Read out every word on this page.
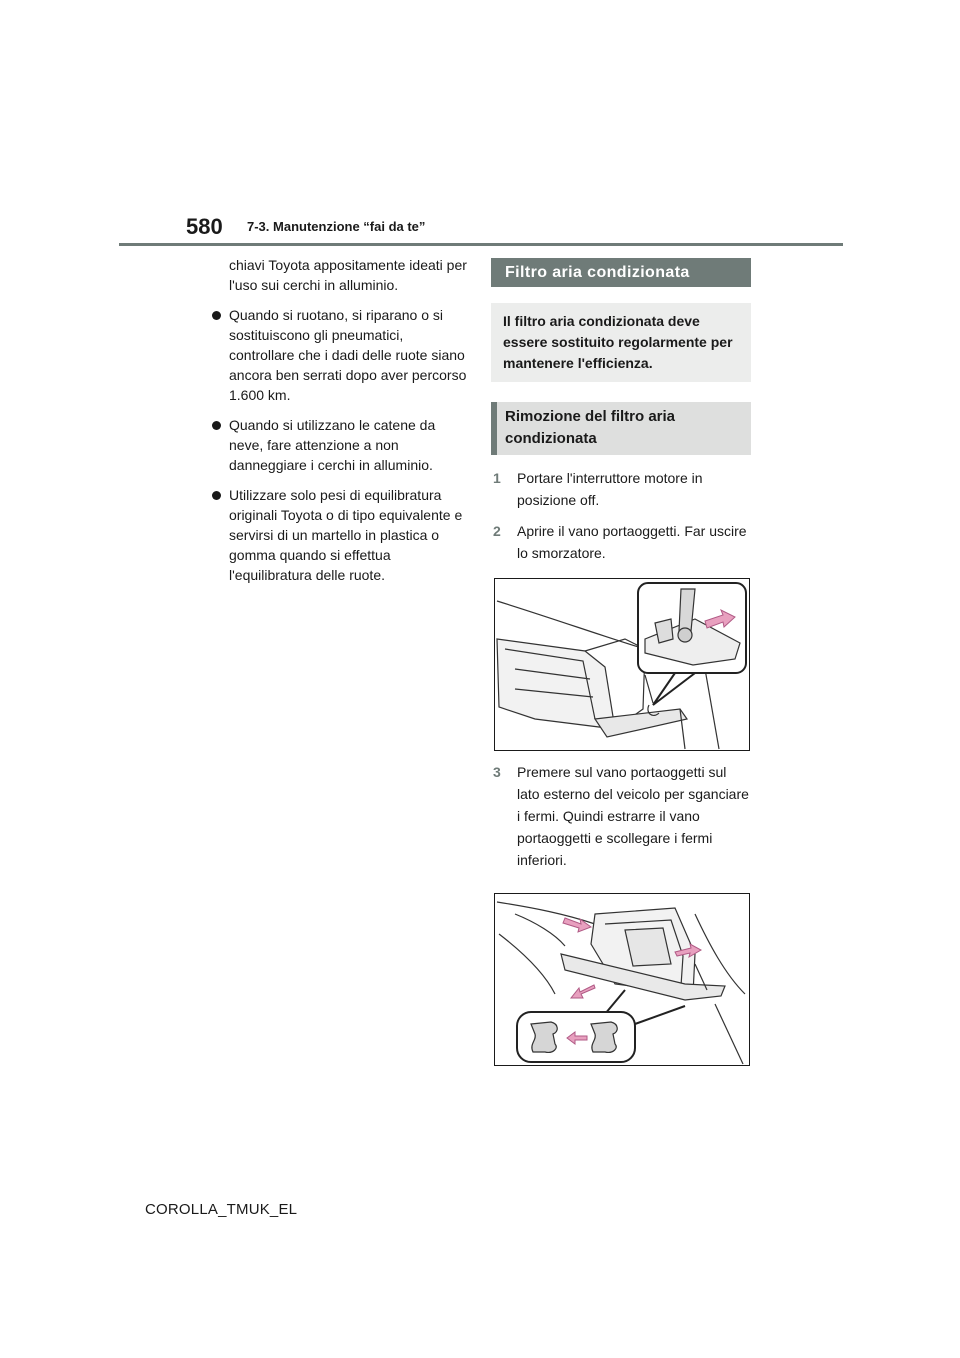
580 7-3. Manutenzione “fai da te”

chiavi Toyota appositamente ideati per l'uso sui cerchi in alluminio.

Quando si ruotano, si riparano o si sostituiscono gli pneumatici, controllare che i dadi delle ruote siano ancora ben serrati dopo aver percorso 1.600 km.
Quando si utilizzano le catene da neve, fare attenzione a non danneggiare i cerchi in alluminio.
Utilizzare solo pesi di equilibratura originali Toyota o di tipo equivalente e servirsi di un martello in plastica o gomma quando si effettua l'equilibratura delle ruote.
Filtro aria condizionata

Il filtro aria condizionata deve essere sostituito regolarmente per mantenere l'efficienza.

Rimozione del filtro aria condizionata
1 Portare l'interruttore motore in posizione off.
2 Aprire il vano portaoggetti. Far uscire lo smorzatore.
3 Premere sul vano portaoggetti sul lato esterno del veicolo per sganciare i fermi. Quindi estrarre il vano portaoggetti e scollegare i fermi inferiori.
COROLLA_TMUK_EL
